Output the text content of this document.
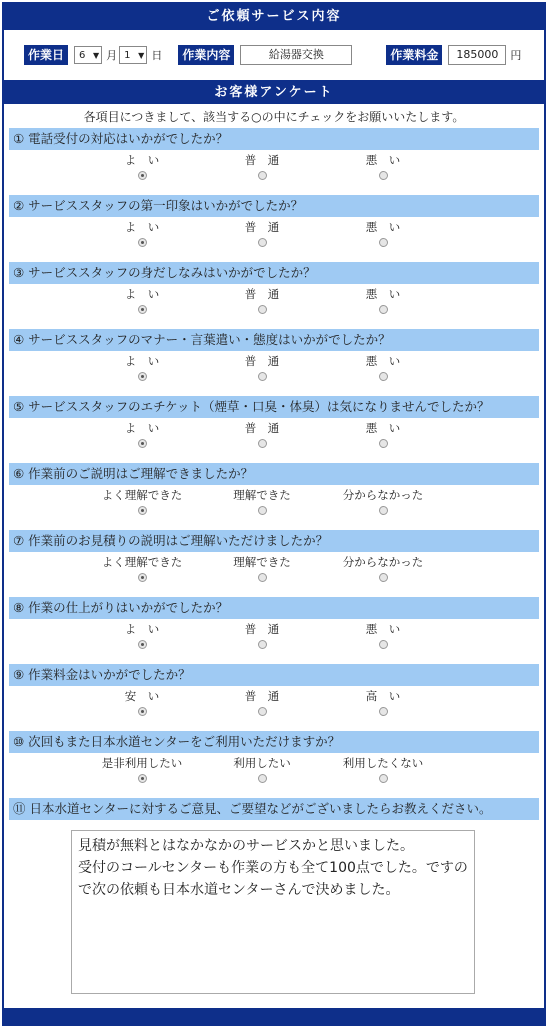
ご依頼サービス内容
作業日	6 ▼ 月 1 ▼ 日	作業内容	給湯器交換	作業料金	185000	円
お客様アンケート
各項目につきまして、該当する○の中にチェックをお願いいたします。
① 電話受付の対応はいかがでしたか？
よ　い	普　通	悪　い
② サービススタッフの第一印象はいかがでしたか？
よ　い	普　通	悪　い
③ サービススタッフの身だしなみはいかがでしたか？
よ　い	普　通	悪　い
④ サービススタッフのマナー・言葉遣い・態度はいかがでしたか？
よ　い	普　通	悪　い
⑤ サービススタッフのエチケット（煙草・口臭・体臭）は気になりませんでしたか？
よ　い	普　通	悪　い
⑥ 作業前のご説明はご理解できましたか？
よく理解できた	理解できた	分からなかった
⑦ 作業前のお見積りの説明はご理解いただけましたか？
よく理解できた	理解できた	分からなかった
⑧ 作業の仕上がりはいかがでしたか？
よ　い	普　通	悪　い
⑨ 作業料金はいかがでしたか？
安　い	普　通	高　い
⑩ 次回もまた日本水道センターをご利用いただけますか？
是非利用したい	利用したい	利用したくない
⑪ 日本水道センターに対するご意見、ご要望などがございましたらお教えください。
見積が無料とはなかなかのサービスかと思いました。
受付のコールセンターも作業の方も全て100点でした。ですので次の依頼も日本水道センターさんで決めました。
